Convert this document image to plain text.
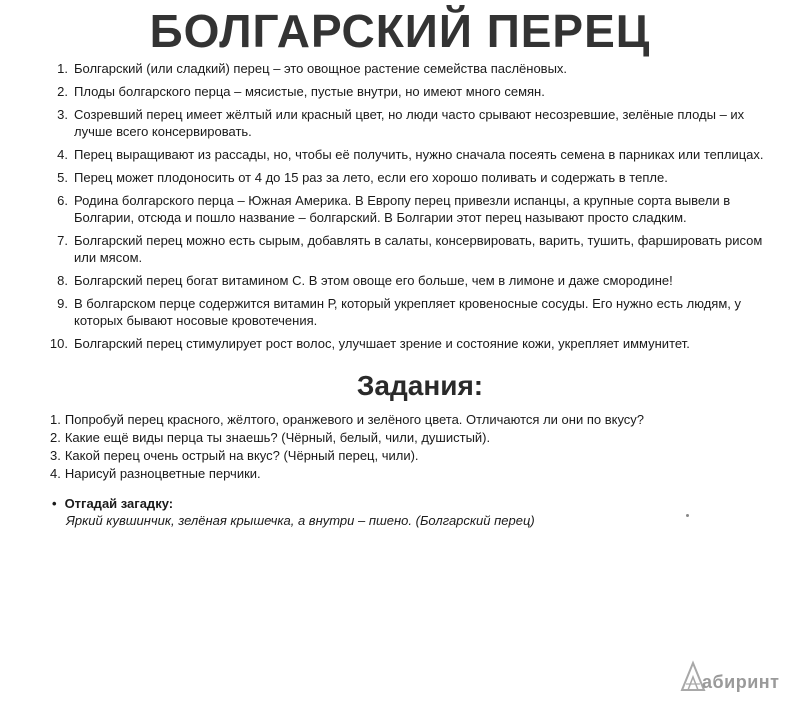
БОЛГАРСКИЙ ПЕРЕЦ
1. Болгарский (или сладкий) перец – это овощное растение семейства паслёновых.
2. Плоды болгарского перца – мясистые, пустые внутри, но имеют много семян.
3. Созревший перец имеет жёлтый или красный цвет, но люди часто срывают несозревшие, зелёные плоды – их лучше всего консервировать.
4. Перец выращивают из рассады, но, чтобы её получить, нужно сначала посеять семена в парниках или теплицах.
5. Перец может плодоносить от 4 до 15 раз за лето, если его хорошо поливать и содержать в тепле.
6. Родина болгарского перца – Южная Америка. В Европу перец привезли испанцы, а крупные сорта вывели в Болгарии, отсюда и пошло название – болгарский. В Болгарии этот перец называют просто сладким.
7. Болгарский перец можно есть сырым, добавлять в салаты, консервировать, варить, тушить, фаршировать рисом или мясом.
8. Болгарский перец богат витамином С. В этом овоще его больше, чем в лимоне и даже смородине!
9. В болгарском перце содержится витамин Р, который укрепляет кровеносные сосуды. Его нужно есть людям, у которых бывают носовые кровотечения.
10. Болгарский перец стимулирует рост волос, улучшает зрение и состояние кожи, укрепляет иммунитет.
Задания:
1. Попробуй перец красного, жёлтого, оранжевого и зелёного цвета. Отличаются ли они по вкусу?
2. Какие ещё виды перца ты знаешь? (Чёрный, белый, чили, душистый).
3. Какой перец очень острый на вкус? (Чёрный перец, чили).
4. Нарисуй разноцветные перчики.
• Отгадай загадку:
Яркий кувшинчик, зелёная крышечка, а внутри – пшено. (Болгарский перец)
абиринт
